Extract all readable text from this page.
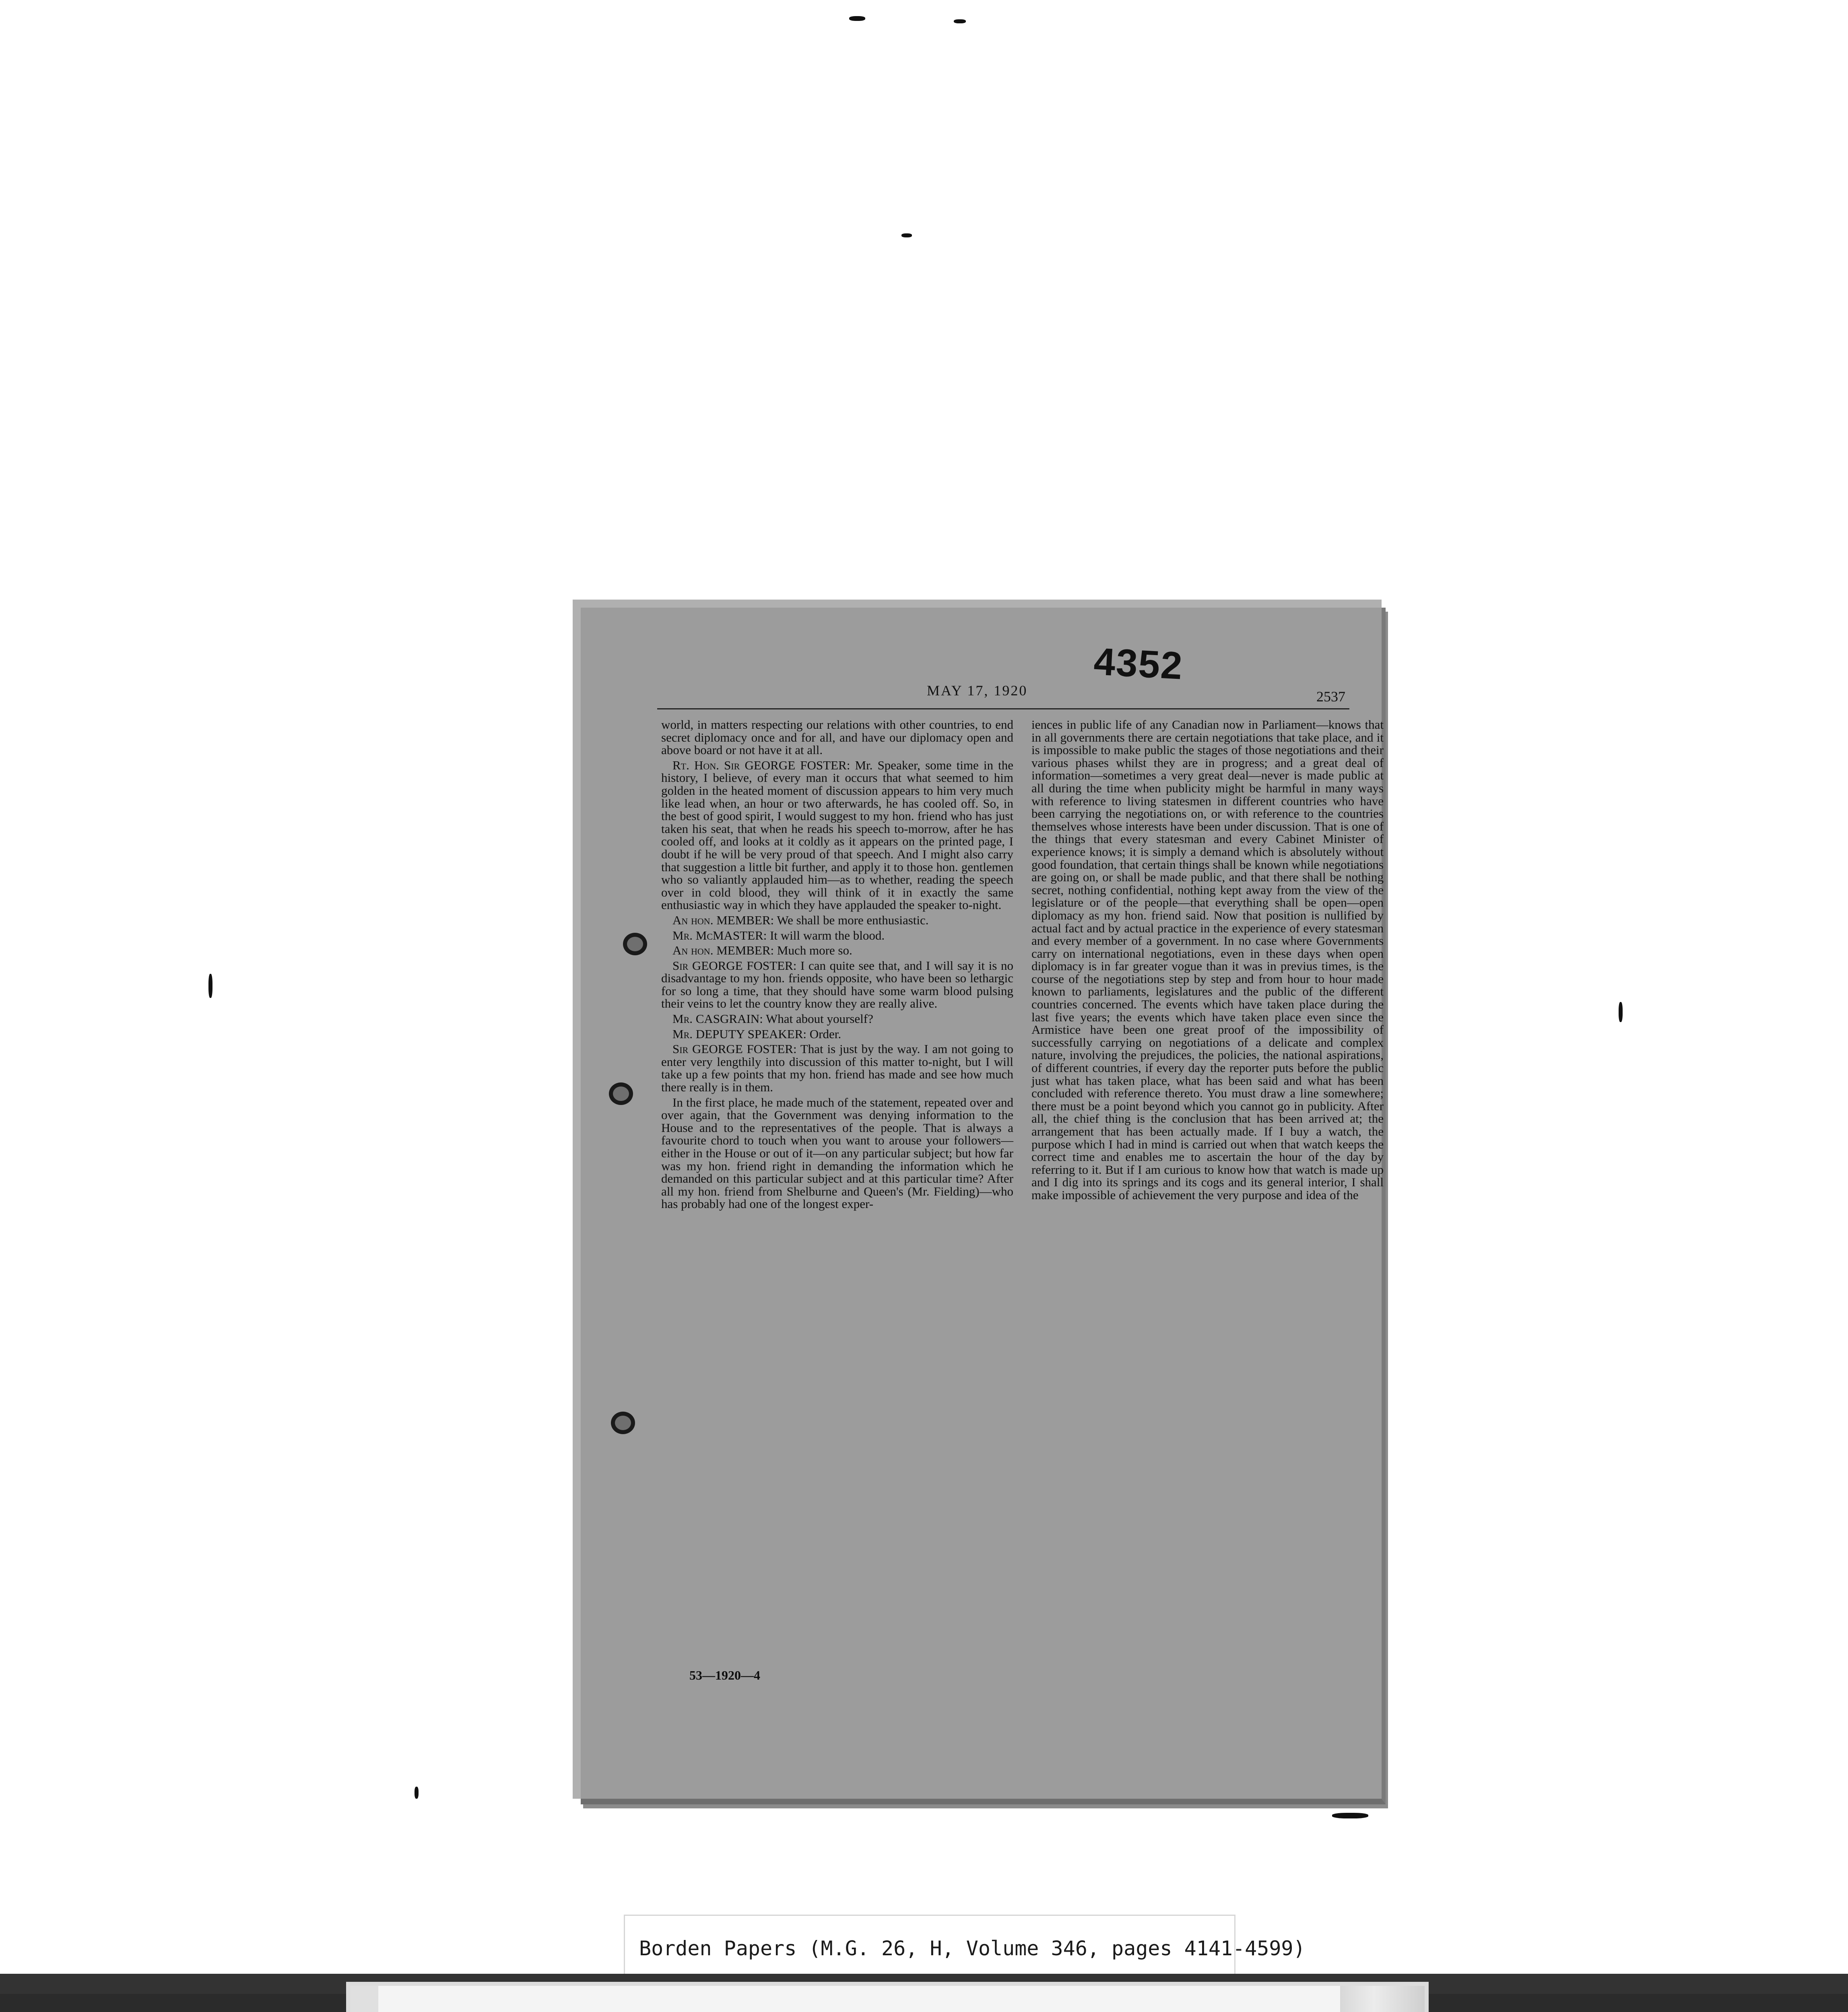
4352
MAY 17, 1920	2537

world, in matters respecting our relations with other countries, to end secret diplomacy once and for all, and have our diplomacy open and above board or not have it at all.

Rt. Hon. Sir GEORGE FOSTER: Mr. Speaker, some time in the history, I believe, of every man it occurs that what seemed to him golden in the heated moment of discussion appears to him very much like lead when, an hour or two afterwards, he has cooled off. So, in the best of good spirit, I would suggest to my hon. friend who has just taken his seat, that when he reads his speech to-morrow, after he has cooled off, and looks at it coldly as it appears on the printed page, I doubt if he will be very proud of that speech. And I might also carry that suggestion a little bit further, and apply it to those hon. gentlemen who so valiantly applauded him—as to whether, reading the speech over in cold blood, they will think of it in exactly the same enthusiastic way in which they have applauded the speaker to-night.

An hon. MEMBER: We shall be more enthusiastic.

Mr. McMASTER: It will warm the blood.

An hon. MEMBER: Much more so.

Sir GEORGE FOSTER: I can quite see that, and I will say it is no disadvantage to my hon. friends opposite, who have been so lethargic for so long a time, that they should have some warm blood pulsing their veins to let the country know they are really alive.

Mr. CASGRAIN: What about yourself?

Mr. DEPUTY SPEAKER: Order.

Sir GEORGE FOSTER: That is just by the way. I am not going to enter very lengthily into discussion of this matter to-night, but I will take up a few points that my hon. friend has made and see how much there really is in them.

In the first place, he made much of the statement, repeated over and over again, that the Government was denying information to the House and to the representatives of the people. That is always a favourite chord to touch when you want to arouse your followers—either in the House or out of it—on any particular subject; but how far was my hon. friend right in demanding the information which he demanded on this particular subject and at this particular time? After all my hon. friend from Shelburne and Queen's (Mr. Fielding)—who has probably had one of the longest exper-

iences in public life of any Canadian now in Parliament—knows that in all governments there are certain negotiations that take place, and it is impossible to make public the stages of those negotiations and their various phases whilst they are in progress; and a great deal of information—sometimes a very great deal—never is made public at all during the time when publicity might be harmful in many ways with reference to living statesmen in different countries who have been carrying the negotiations on, or with reference to the countries themselves whose interests have been under discussion. That is one of the things that every statesman and every Cabinet Minister of experience knows; it is simply a demand which is absolutely without good foundation, that certain things shall be known while negotiations are going on, or shall be made public, and that there shall be nothing secret, nothing confidential, nothing kept away from the view of the legislature or of the people—that everything shall be open—open diplomacy as my hon. friend said. Now that position is nullified by actual fact and by actual practice in the experience of every statesman and every member of a government. In no case where Governments carry on international negotiations, even in these days when open diplomacy is in far greater vogue than it was in previus times, is the course of the negotiations step by step and from hour to hour made known to parliaments, legislatures and the public of the different countries concerned. The events which have taken place during the last five years; the events which have taken place even since the Armistice have been one great proof of the impossibility of successfully carrying on negotiations of a delicate and complex nature, involving the prejudices, the policies, the national aspirations, of different countries, if every day the reporter puts before the public just what has taken place, what has been said and what has been concluded with reference thereto. You must draw a line somewhere; there must be a point beyond which you cannot go in publicity. After all, the chief thing is the conclusion that has been arrived at; the arrangement that has been actually made. If I buy a watch, the purpose which I had in mind is carried out when that watch keeps the correct time and enables me to ascertain the hour of the day by referring to it. But if I am curious to know how that watch is made up and I dig into its springs and its cogs and its general interior, I shall make impossible of achievement the very purpose and idea of the

53—1920—4
Borden Papers (M.G. 26, H, Volume 346, pages 4141-4599)
